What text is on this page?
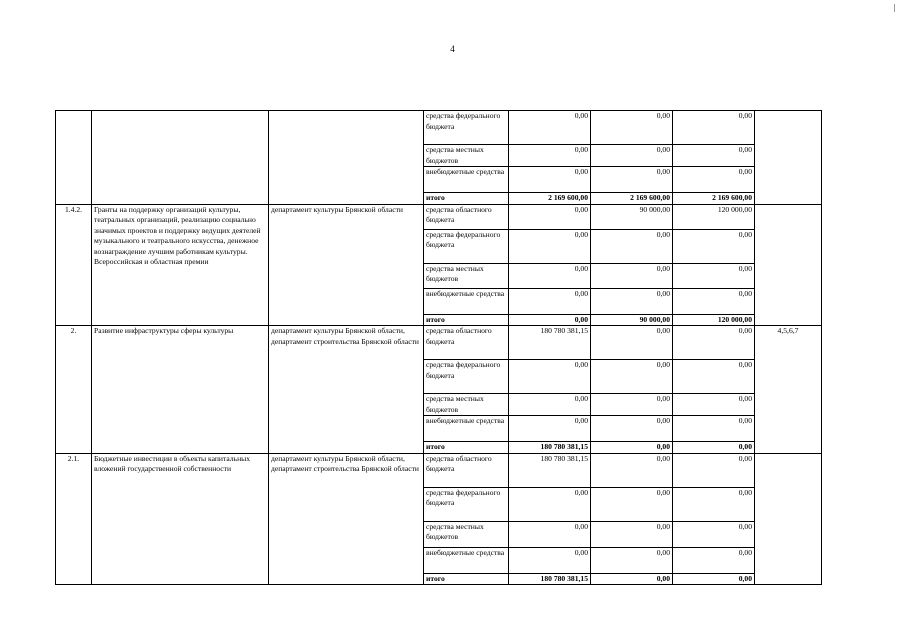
4
			средства федерального бюджета	0,00	0,00	0,00	
			средства местных бюджетов	0,00	0,00	0,00	
			внебюджетные средства	0,00	0,00	0,00	
			итого	2 169 600,00	2 169 600,00	2 169 600,00	
1.4.2.	Гранты на поддержку организаций культуры, театральных организаций, реализацию социально значимых проектов и поддержку ведущих деятелей музыкального и театрального искусства, денежное вознаграждение лучшим работникам культуры. Всероссийская и областная премии	департамент культуры Брянской области	средства областного бюджета	0,00	90 000,00	120 000,00	
			средства федерального бюджета	0,00	0,00	0,00	
			средства местных бюджетов	0,00	0,00	0,00	
			внебюджетные средства	0,00	0,00	0,00	
			итого	0,00	90 000,00	120 000,00	
2.	Развитие инфраструктуры сферы культуры	департамент культуры Брянской области, департамент строительства Брянской области	средства областного бюджета	180 780 381,15	0,00	0,00	4,5,6,7
			средства федерального бюджета	0,00	0,00	0,00	
			средства местных бюджетов	0,00	0,00	0,00	
			внебюджетные средства	0,00	0,00	0,00	
			итого	180 780 381,15	0,00	0,00	
2.1.	Бюджетные инвестиции в объекты капитальных вложений государственной собственности	департамент культуры Брянской области, департамент строительства Брянской области	средства областного бюджета	180 780 381,15	0,00	0,00	
			средства федерального бюджета	0,00	0,00	0,00	
			средства местных бюджетов	0,00	0,00	0,00	
			внебюджетные средства	0,00	0,00	0,00	
			итого	180 780 381,15	0,00	0,00	
